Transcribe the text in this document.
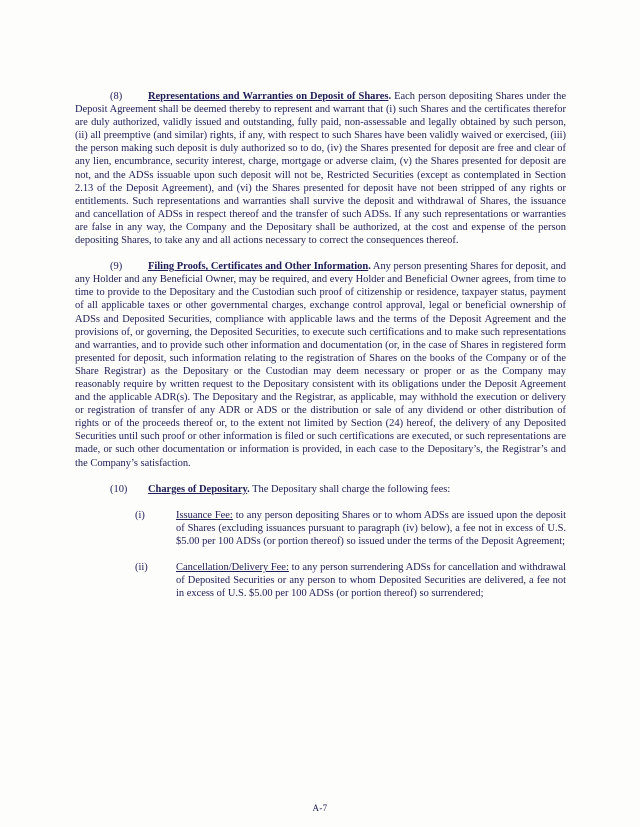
(8) Representations and Warranties on Deposit of Shares. Each person depositing Shares under the Deposit Agreement shall be deemed thereby to represent and warrant that (i) such Shares and the certificates therefor are duly authorized, validly issued and outstanding, fully paid, non-assessable and legally obtained by such person, (ii) all preemptive (and similar) rights, if any, with respect to such Shares have been validly waived or exercised, (iii) the person making such deposit is duly authorized so to do, (iv) the Shares presented for deposit are free and clear of any lien, encumbrance, security interest, charge, mortgage or adverse claim, (v) the Shares presented for deposit are not, and the ADSs issuable upon such deposit will not be, Restricted Securities (except as contemplated in Section 2.13 of the Deposit Agreement), and (vi) the Shares presented for deposit have not been stripped of any rights or entitlements. Such representations and warranties shall survive the deposit and withdrawal of Shares, the issuance and cancellation of ADSs in respect thereof and the transfer of such ADSs. If any such representations or warranties are false in any way, the Company and the Depositary shall be authorized, at the cost and expense of the person depositing Shares, to take any and all actions necessary to correct the consequences thereof.

(9) Filing Proofs, Certificates and Other Information. Any person presenting Shares for deposit, and any Holder and any Beneficial Owner, may be required, and every Holder and Beneficial Owner agrees, from time to time to provide to the Depositary and the Custodian such proof of citizenship or residence, taxpayer status, payment of all applicable taxes or other governmental charges, exchange control approval, legal or beneficial ownership of ADSs and Deposited Securities, compliance with applicable laws and the terms of the Deposit Agreement and the provisions of, or governing, the Deposited Securities, to execute such certifications and to make such representations and warranties, and to provide such other information and documentation (or, in the case of Shares in registered form presented for deposit, such information relating to the registration of Shares on the books of the Company or of the Share Registrar) as the Depositary or the Custodian may deem necessary or proper or as the Company may reasonably require by written request to the Depositary consistent with its obligations under the Deposit Agreement and the applicable ADR(s). The Depositary and the Registrar, as applicable, may withhold the execution or delivery or registration of transfer of any ADR or ADS or the distribution or sale of any dividend or other distribution of rights or of the proceeds thereof or, to the extent not limited by Section (24) hereof, the delivery of any Deposited Securities until such proof or other information is filed or such certifications are executed, or such representations are made, or such other documentation or information is provided, in each case to the Depositary’s, the Registrar’s and the Company’s satisfaction.

(10) Charges of Depositary. The Depositary shall charge the following fees:

(i)	Issuance Fee: to any person depositing Shares or to whom ADSs are issued upon the deposit of Shares (excluding issuances pursuant to paragraph (iv) below), a fee not in excess of U.S. $5.00 per 100 ADSs (or portion thereof) so issued under the terms of the Deposit Agreement;
(ii)	Cancellation/Delivery Fee: to any person surrendering ADSs for cancellation and withdrawal of Deposited Securities or any person to whom Deposited Securities are delivered, a fee not in excess of U.S. $5.00 per 100 ADSs (or portion thereof) so surrendered;
A-7
